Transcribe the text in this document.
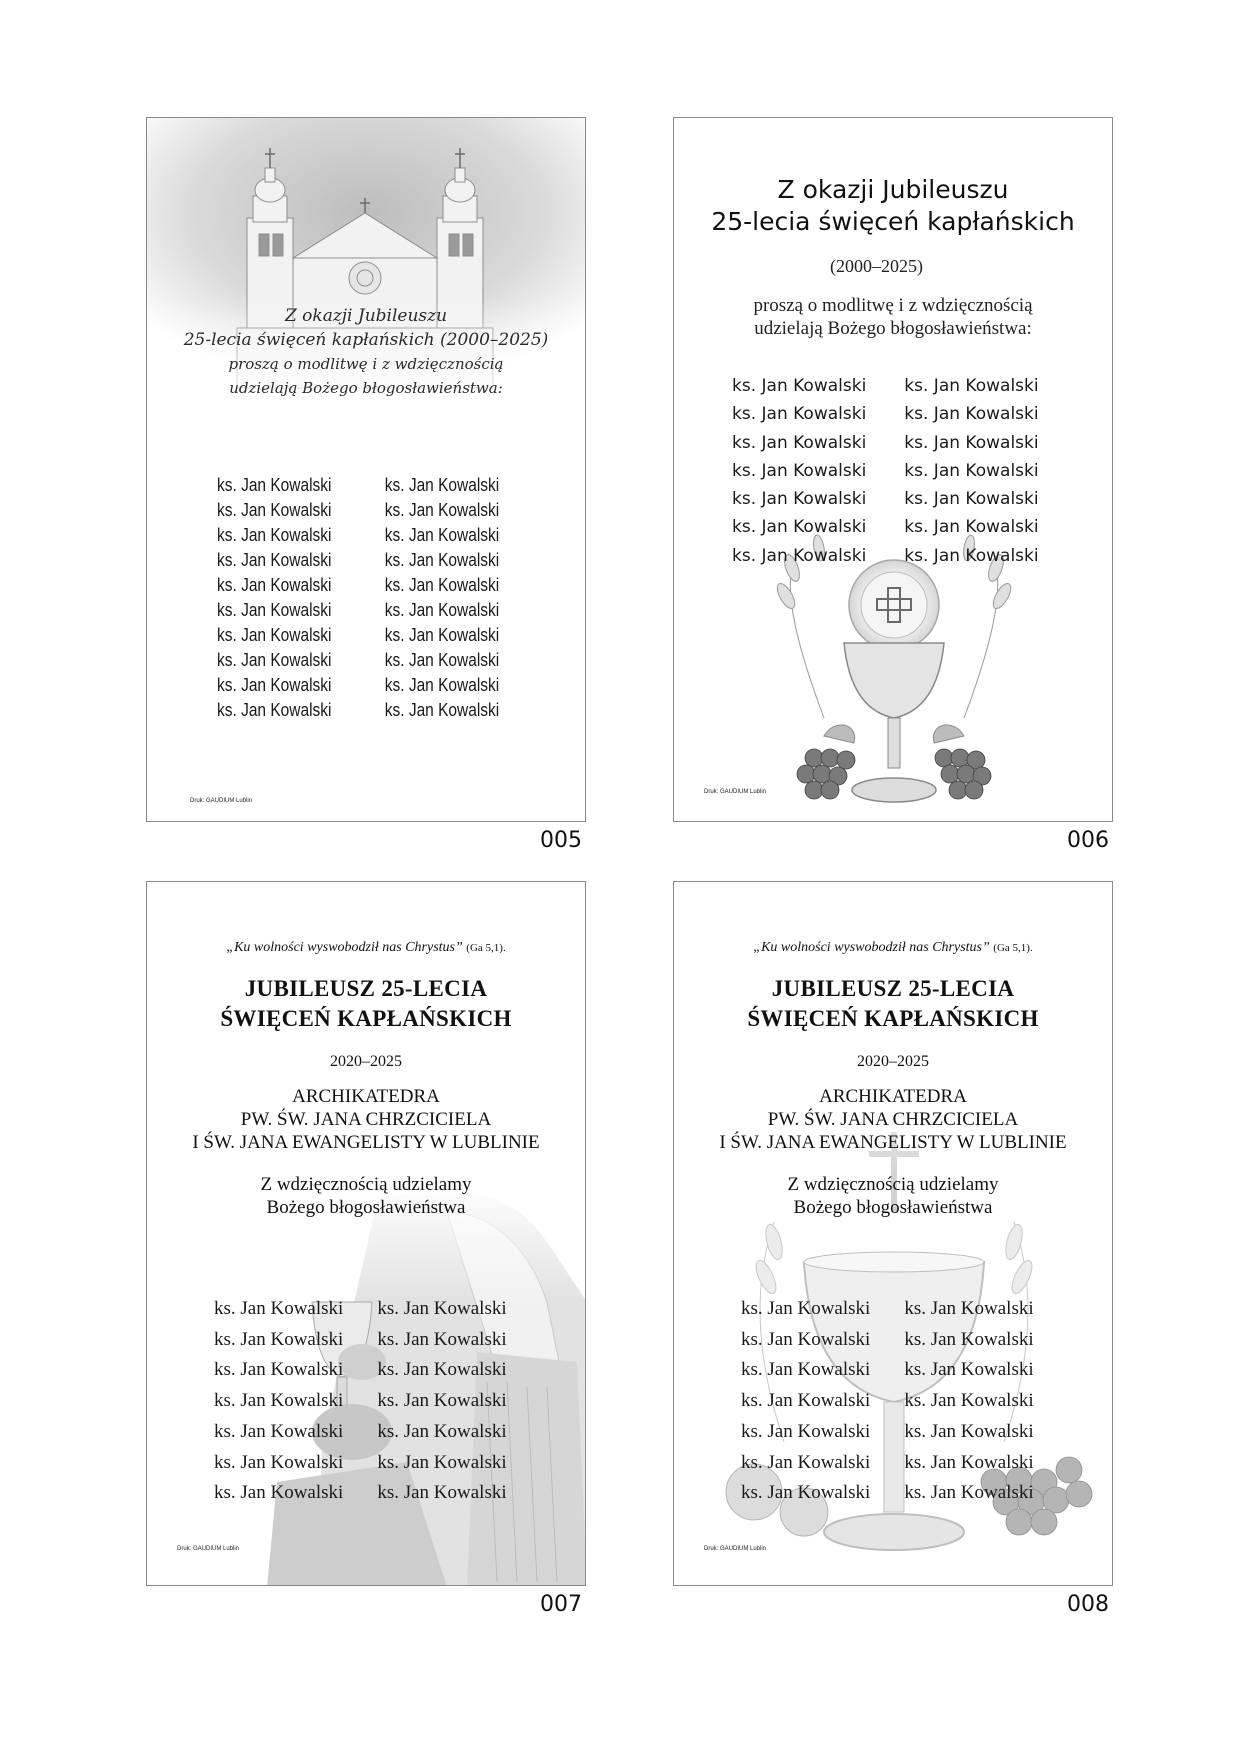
Z okazji Jubileuszu
25-lecia święceń kapłańskich (2000–2025)
proszą o modlitwę i z wdzięcznością
udzielają Bożego błogosławieństwa:
ks. Jan Kowalski
ks. Jan Kowalski
ks. Jan Kowalski
ks. Jan Kowalski
ks. Jan Kowalski
ks. Jan Kowalski
ks. Jan Kowalski
ks. Jan Kowalski
ks. Jan Kowalski
ks. Jan Kowalski
ks. Jan Kowalski
ks. Jan Kowalski
ks. Jan Kowalski
ks. Jan Kowalski
ks. Jan Kowalski
ks. Jan Kowalski
ks. Jan Kowalski
ks. Jan Kowalski
ks. Jan Kowalski
ks. Jan Kowalski
Druk: GAUDIUM Lublin
005
Z okazji Jubileuszu
25-lecia święceń kapłańskich
(2000–2025)
proszą o modlitwę i z wdzięcznością
udzielają Bożego błogosławieństwa:
ks. Jan Kowalski
ks. Jan Kowalski
ks. Jan Kowalski
ks. Jan Kowalski
ks. Jan Kowalski
ks. Jan Kowalski
ks. Jan Kowalski
ks. Jan Kowalski
ks. Jan Kowalski
ks. Jan Kowalski
ks. Jan Kowalski
ks. Jan Kowalski
ks. Jan Kowalski
ks. Jan Kowalski
Druk: GAUDIUM Lublin
006
„Ku wolności wyswobodził nas Chrystus” (Ga 5,1).
JUBILEUSZ 25-LECIA
ŚWIĘCEŃ KAPŁAŃSKICH
2020–2025
ARCHIKATEDRA
PW. ŚW. JANA CHRZCICIELA
I ŚW. JANA EWANGELISTY W LUBLINIE
Z wdzięcznością udzielamy
Bożego błogosławieństwa
ks. Jan Kowalski
ks. Jan Kowalski
ks. Jan Kowalski
ks. Jan Kowalski
ks. Jan Kowalski
ks. Jan Kowalski
ks. Jan Kowalski
ks. Jan Kowalski
ks. Jan Kowalski
ks. Jan Kowalski
ks. Jan Kowalski
ks. Jan Kowalski
ks. Jan Kowalski
ks. Jan Kowalski
Druk: GAUDIUM Lublin
007
„Ku wolności wyswobodził nas Chrystus” (Ga 5,1).
JUBILEUSZ 25-LECIA
ŚWIĘCEŃ KAPŁAŃSKICH
2020–2025
ARCHIKATEDRA
PW. ŚW. JANA CHRZCICIELA
I ŚW. JANA EWANGELISTY W LUBLINIE
Z wdzięcznością udzielamy
Bożego błogosławieństwa
ks. Jan Kowalski
ks. Jan Kowalski
ks. Jan Kowalski
ks. Jan Kowalski
ks. Jan Kowalski
ks. Jan Kowalski
ks. Jan Kowalski
ks. Jan Kowalski
ks. Jan Kowalski
ks. Jan Kowalski
ks. Jan Kowalski
ks. Jan Kowalski
ks. Jan Kowalski
ks. Jan Kowalski
Druk: GAUDIUM Lublin
008
